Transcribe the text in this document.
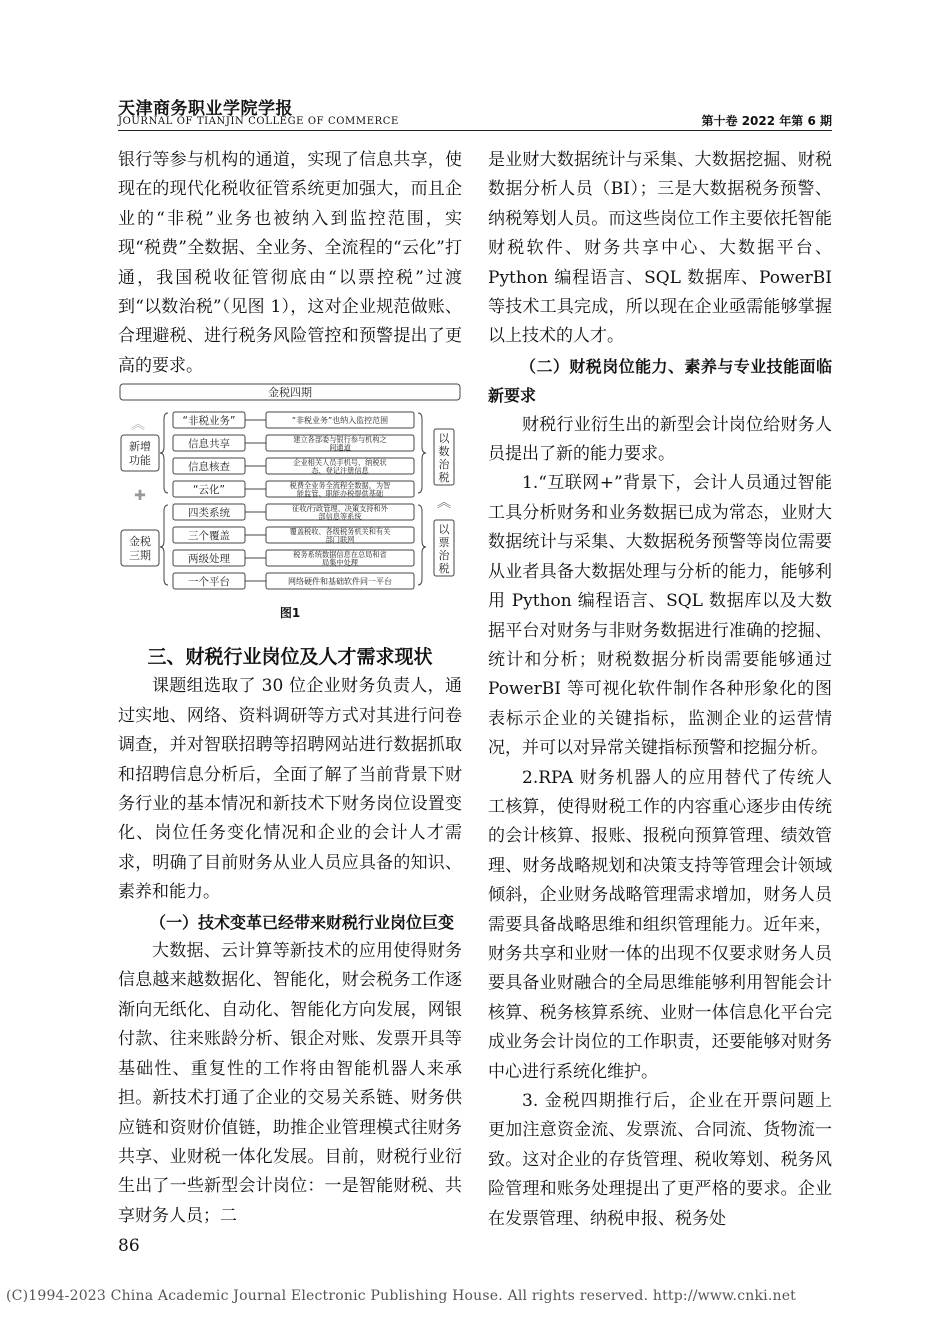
天津商务职业学院学报
JOURNAL OF TIANJIN COLLEGE OF COMMERCE	第十卷 2022 年第 6 期

银行等参与机构的通道，实现了信息共享，使现在的现代化税收征管系统更加强大，而且企业的“非税”业务也被纳入到监控范围，实现“税费”全数据、全业务、全流程的“云化”打通，我国税收征管彻底由“以票控税”过渡到“以数治税”（见图 1），这对企业规范做账、合理避税、进行税务风险管控和预警提出了更高的要求。

金税四期
︽
新增
功能
✚
金税
三期
“非税业务”	“非税业务”也纳入监控范围
信息共享	建立各部委与银行参与机构之
间通道
信息核查	企业相关人员手机号、纳税状
态、登记注册信息
“云化”	税费全业务全流程全数据，为智
能监管、职能办税提供基础
四类系统	征收/行政管理、决策支持和外
部信息等系统
三个覆盖	覆盖税收、各级税务机关和有关
部门联网
两级处理	税务系统数据信息在总局和省
局集中处理
一个平台	网络硬件和基础软件同一平台
以
数
治
税
︽
以
票
治
税
图1

三、财税行业岗位及人才需求现状

课题组选取了 30 位企业财务负责人，通过实地、网络、资料调研等方式对其进行问卷调查，并对智联招聘等招聘网站进行数据抓取和招聘信息分析后，全面了解了当前背景下财务行业的基本情况和新技术下财务岗位设置变化、岗位任务变化情况和企业的会计人才需求，明确了目前财务从业人员应具备的知识、素养和能力。

（一）技术变革已经带来财税行业岗位巨变

大数据、云计算等新技术的应用使得财务信息越来越数据化、智能化，财会税务工作逐渐向无纸化、自动化、智能化方向发展，网银付款、往来账龄分析、银企对账、发票开具等基础性、重复性的工作将由智能机器人来承担。新技术打通了企业的交易关系链、财务供应链和资财价值链，助推企业管理模式往财务共享、业财税一体化发展。目前，财税行业衍生出了一些新型会计岗位：一是智能财税、共享财务人员；二

是业财大数据统计与采集、大数据挖掘、财税数据分析人员（BI）；三是大数据税务预警、纳税筹划人员。而这些岗位工作主要依托智能财税软件、财务共享中心、大数据平台、Python 编程语言、SQL 数据库、PowerBI 等技术工具完成，所以现在企业亟需能够掌握以上技术的人才。

（二）财税岗位能力、素养与专业技能面临新要求

财税行业衍生出的新型会计岗位给财务人员提出了新的能力要求。

1.“互联网+”背景下，会计人员通过智能工具分析财务和业务数据已成为常态，业财大数据统计与采集、大数据税务预警等岗位需要从业者具备大数据处理与分析的能力，能够利用 Python 编程语言、SQL 数据库以及大数据平台对财务与非财务数据进行准确的挖掘、统计和分析；财税数据分析岗需要能够通过 PowerBI 等可视化软件制作各种形象化的图表标示企业的关键指标，监测企业的运营情况，并可以对异常关键指标预警和挖掘分析。

2.RPA 财务机器人的应用替代了传统人工核算，使得财税工作的内容重心逐步由传统的会计核算、报账、报税向预算管理、绩效管理、财务战略规划和决策支持等管理会计领域倾斜，企业财务战略管理需求增加，财务人员需要具备战略思维和组织管理能力。近年来，财务共享和业财一体的出现不仅要求财务人员要具备业财融合的全局思维能够利用智能会计核算、税务核算系统、业财一体信息化平台完成业务会计岗位的工作职责，还要能够对财务中心进行系统化维护。

3. 金税四期推行后，企业在开票问题上更加注意资金流、发票流、合同流、货物流一致。这对企业的存货管理、税收筹划、税务风险管理和账务处理提出了更严格的要求。企业在发票管理、纳税申报、税务处

86
(C)1994-2023 China Academic Journal Electronic Publishing House. All rights reserved. http://www.cnki.net
